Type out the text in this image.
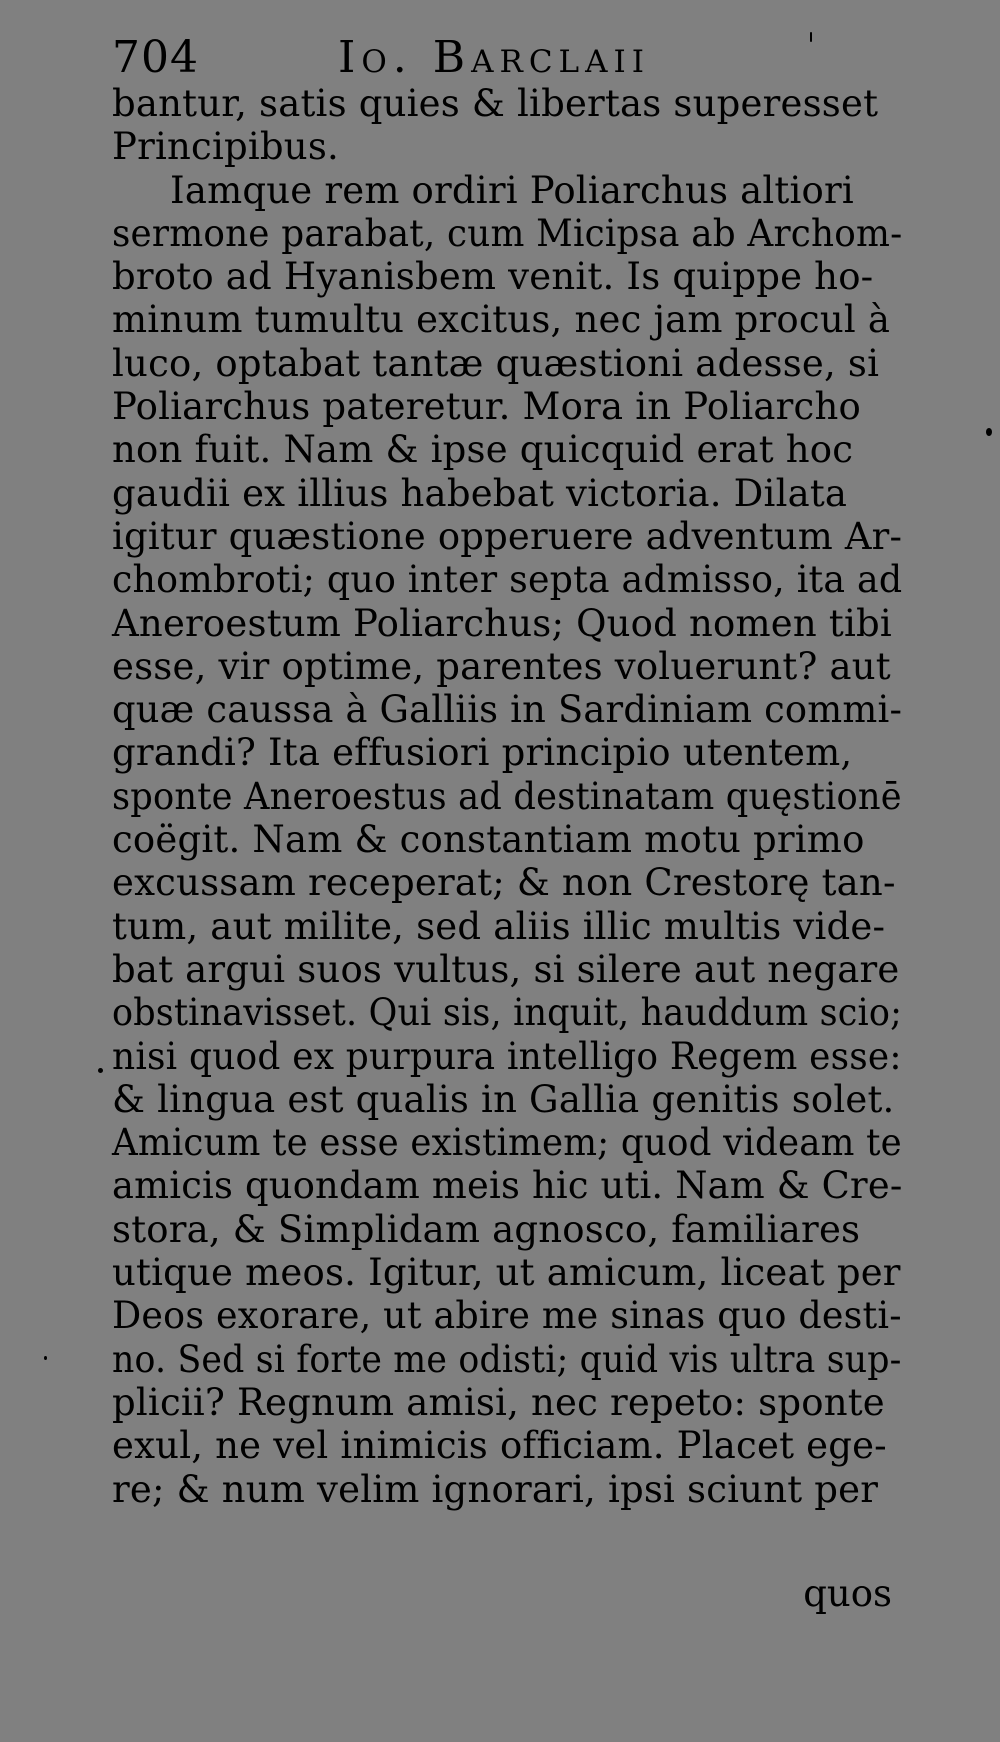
704	Io. Barclaii
bantur, satis quies & libertas superesset
Principibus.
Iamque rem ordiri Poliarchus altiori
sermone parabat, cum Micipsa ab Archom-
broto ad Hyanisbem venit. Is quippe ho-
minum tumultu excitus, nec jam procul à
luco, optabat tantæ quæstioni adesse, si
Poliarchus pateretur. Mora in Poliarcho
non fuit. Nam & ipse quicquid erat hoc
gaudii ex illius habebat victoria. Dilata
igitur quæstione opperuere adventum Ar-
chombroti; quo inter septa admisso, ita ad
Aneroestum Poliarchus; Quod nomen tibi
esse, vir optime, parentes voluerunt? aut
quæ caussa à Galliis in Sardiniam commi-
grandi? Ita effusiori principio utentem,
sponte Aneroestus ad destinatam quęstionē
coëgit. Nam & constantiam motu primo
excussam receperat; & non Crestorę tan-
tum, aut milite, sed aliis illic multis vide-
bat argui suos vultus, si silere aut negare
obstinavisset. Qui sis, inquit, hauddum scio;
nisi quod ex purpura intelligo Regem esse:
& lingua est qualis in Gallia genitis solet.
Amicum te esse existimem; quod videam te
amicis quondam meis hic uti. Nam & Cre-
stora, & Simplidam agnosco, familiares
utique meos. Igitur, ut amicum, liceat per
Deos exorare, ut abire me sinas quo desti-
no. Sed si forte me odisti; quid vis ultra sup-
plicii? Regnum amisi, nec repeto: sponte
exul, ne vel inimicis officiam. Placet ege-
re; & num velim ignorari, ipsi sciunt per
quos
